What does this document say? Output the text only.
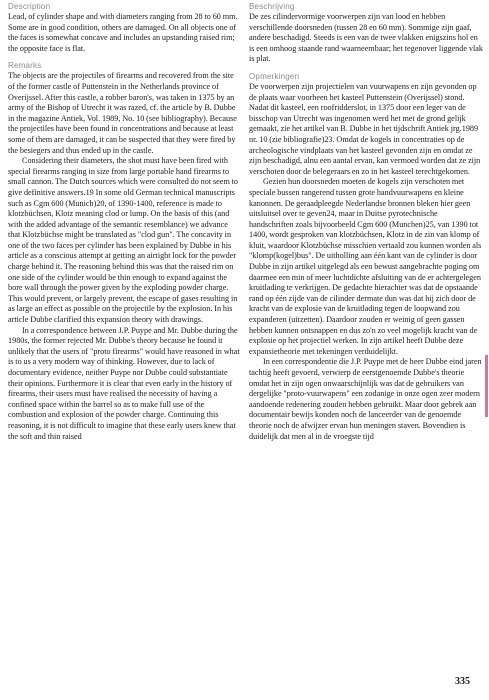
Description

Lead, of cylinder shape and with diameters ranging from 28 to 60 mm. Some are in good condition, others are damaged. On all objects one of the faces is somewhat concave and includes an upstanding raised rim; the opposite face is flat.

Remarks

The objects are the projectiles of firearms and recovered from the site of the former castle of Puttenstein in the Netherlands province of Overijssel. After this castle, a robber baron's, was taken in 1375 by an army of the Bishop of Utrecht it was razed, cf. the article by B. Dubbe in the magazine Antiek, Vol. 1989, No. 10 (see bibliography). Because the projectiles have been found in concentrations and because at least some of them are damaged, it can be suspected that they were fired by the besiegers and thus ended up in the castle.

Considering their diameters, the shot must have been fired with special firearms ranging in size from large portable hand firearms to small cannon. The Dutch sources which were consulted do not seem to give definitive answers.19 In some old German technical manuscripts such as Cgm 600 (Munich)20, of 1390-1400, reference is made to klotzbüchsen, Klotz meaning clod or lump. On the basis of this (and with the added advantage of the semantic resemblance) we advance that Klotzbüchse might be translated as "clod gun". The concavity in one of the two faces per cylinder has been explained by Dubbe in his article as a conscious attempt at getting an airtight lock for the powder charge behind it. The reasoning behind this was that the raised rim on one side of the cylinder would be thin enough to expand against the bore wall through the power given by the exploding powder charge. This would prevent, or largely prevent, the escape of gases resulting in as large an effect as possible on the projectile by the explosion. In his article Dubbe clarified this expansion theory with drawings.

In a correspondence between J.P. Puype and Mr. Dubbe during the 1980s, the former rejected Mr. Dubbe's theory because he found it unlikely that the users of "proto firearms" would have reasoned in what is to us a very modern way of thinking. However, due to lack of documentary evidence, neither Puype nor Dubbe could substantiate their opinions. Furthermore it is clear that even early in the history of firearms, their users must have realised the necessity of having a confined space within the barrel so as to make full use of the combustion and explosion of the powder charge. Continuing this reasoning, it is not difficult to imagine that these early users knew that the soft and thin raised

Beschrijving

De zes cilindervormige voorwerpen zijn van lood en hebben verschillende doorsneden (tussen 28 en 60 mm). Sommige zijn gaaf, andere beschadigd. Steeds is een van de twee vlakken enigszins hol en is een omhoog staande rand waarneembaar; het tegenover liggende vlak is plat.

Opmerkingen

De voorwerpen zijn projectielen van vuurwapens en zijn gevonden op de plaats waar voorheen het kasteel Puttenstein (Overijssel) stond. Nadat dit kasteel, een roofridderslot, in 1375 door een leger van de bisschop van Utrecht was ingenomen werd het met de grond gelijk gemaakt, zie het artikel van B. Dubbe in het tijdschrift Antiek jrg.1989 nr. 10 (zie bibliografie)23. Omdat de kogels in concentraties op de archeologische vindplaats van het kasteel gevonden zijn en omdat ze zijn beschadigd, alnu een aantal ervan, kan vermoed worden dat ze zijn verschoten door de belegeraars en zo in het kasteel terechtgekomen.

Gezien hun doorsneden moeten de kogels zijn verschoten met speciale bussen rangerend tussen grote handvuurwapens en kleine kanonnen. De geraadpleegde Nederlandse bronnen bleken hier geen uitsluitsel over te geven24, maar in Duitse pyrotechnische handschriften zoals bijvoorbeeld Cgm 600 (Munchen)25, van 1390 tot 1400, wordt gesproken van klotzbüchsen, Klotz in de zin van klomp of kluit, waardoor Klotzbüchse misschien vertaald zou kunnen worden als "klomp(kogel)bus". De uitholling aan één kant van de cylinder is door Dubbe in zijn artikel uitgelegd als een bewust aangebrachte poging om daarmee een min of meer luchtdichte afsluiting van de er achtergelegen kruitlading te verkrijgen. De gedachte hierachter was dat de opstaande rand op één zijde van de cilinder dermate dun was dat hij zich door de kracht van de explosie van de kruitlading tegen de loopwand zou expanderen (uitzetten). Daardoor zouden er weinig of geen gassen hebben kunnen ontsnappen en dus zo'n zo veel mogelijk kracht van de explosie op het projectiel werken. In zijn artikel heeft Dubbe deze expansietheorie met tekeningen verduidelijkt.

In een correspondentie die J.P. Puype met de heer Dubbe eind jaren tachtig heeft gevoerd, verwierp de eerstgenoemde Dubbe's theorie omdat het in zijn ogen onwaarschijnlijk was dat de gebruikers van dergelijke "proto-vuurwapens" een zodanige in onze ogen zeer modern aandoende redenering zouden hebben gebruikt. Maar door gebrek aan documentair bewijs konden noch de lanceerder van de genoemde theorie noch de afwijzer ervan hun meningen staven. Bovendien is duidelijk dat men al in de vroegste tijd

335
